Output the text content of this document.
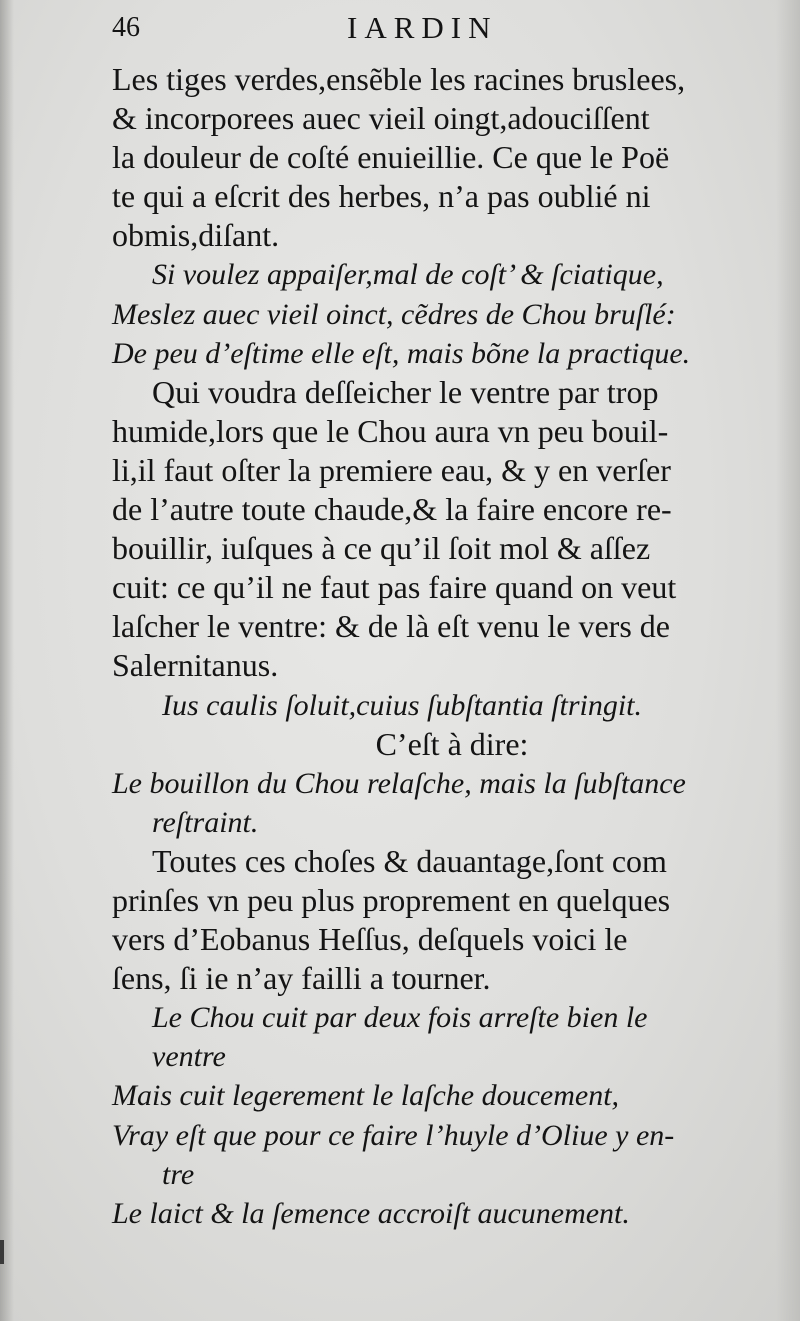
46	IARDIN
Les tiges verdes,ensẽble les racines bruslees,
& incorporees auec vieil oingt,adouciſſent
la douleur de coſté enuieillie. Ce que le Poë
te qui a eſcrit des herbes, n’a pas oublié ni
obmis,diſant.
Si voulez appaiſer,mal de coſt’ & ſciatique,
Meslez auec vieil oinct, cẽdres de Chou bruſlé:
De peu d’eſtime elle eſt, mais bõne la practique.
Qui voudra deſſeicher le ventre par trop
humide,lors que le Chou aura vn peu bouil-
li,il faut oſter la premiere eau, & y en verſer
de l’autre toute chaude,& la faire encore re-
bouillir, iuſques à ce qu’il ſoit mol & aſſez
cuit: ce qu’il ne faut pas faire quand on veut
laſcher le ventre: & de là eſt venu le vers de
Salernitanus.
Ius caulis ſoluit,cuius ſubſtantia ſtringit.
C’eſt à dire:
Le bouillon du Chou relaſche, mais la ſubſtance
reſtraint.
Toutes ces choſes & dauantage,ſont com
prinſes vn peu plus proprement en quelques
vers d’Eobanus Heſſus, deſquels voici le
ſens, ſi ie n’ay failli a tourner.
Le Chou cuit par deux fois arreſte bien le
ventre
Mais cuit legerement le laſche doucement,
Vray eſt que pour ce faire l’huyle d’Oliue y en-
tre
Le laict & la ſemence accroiſt aucunement.
